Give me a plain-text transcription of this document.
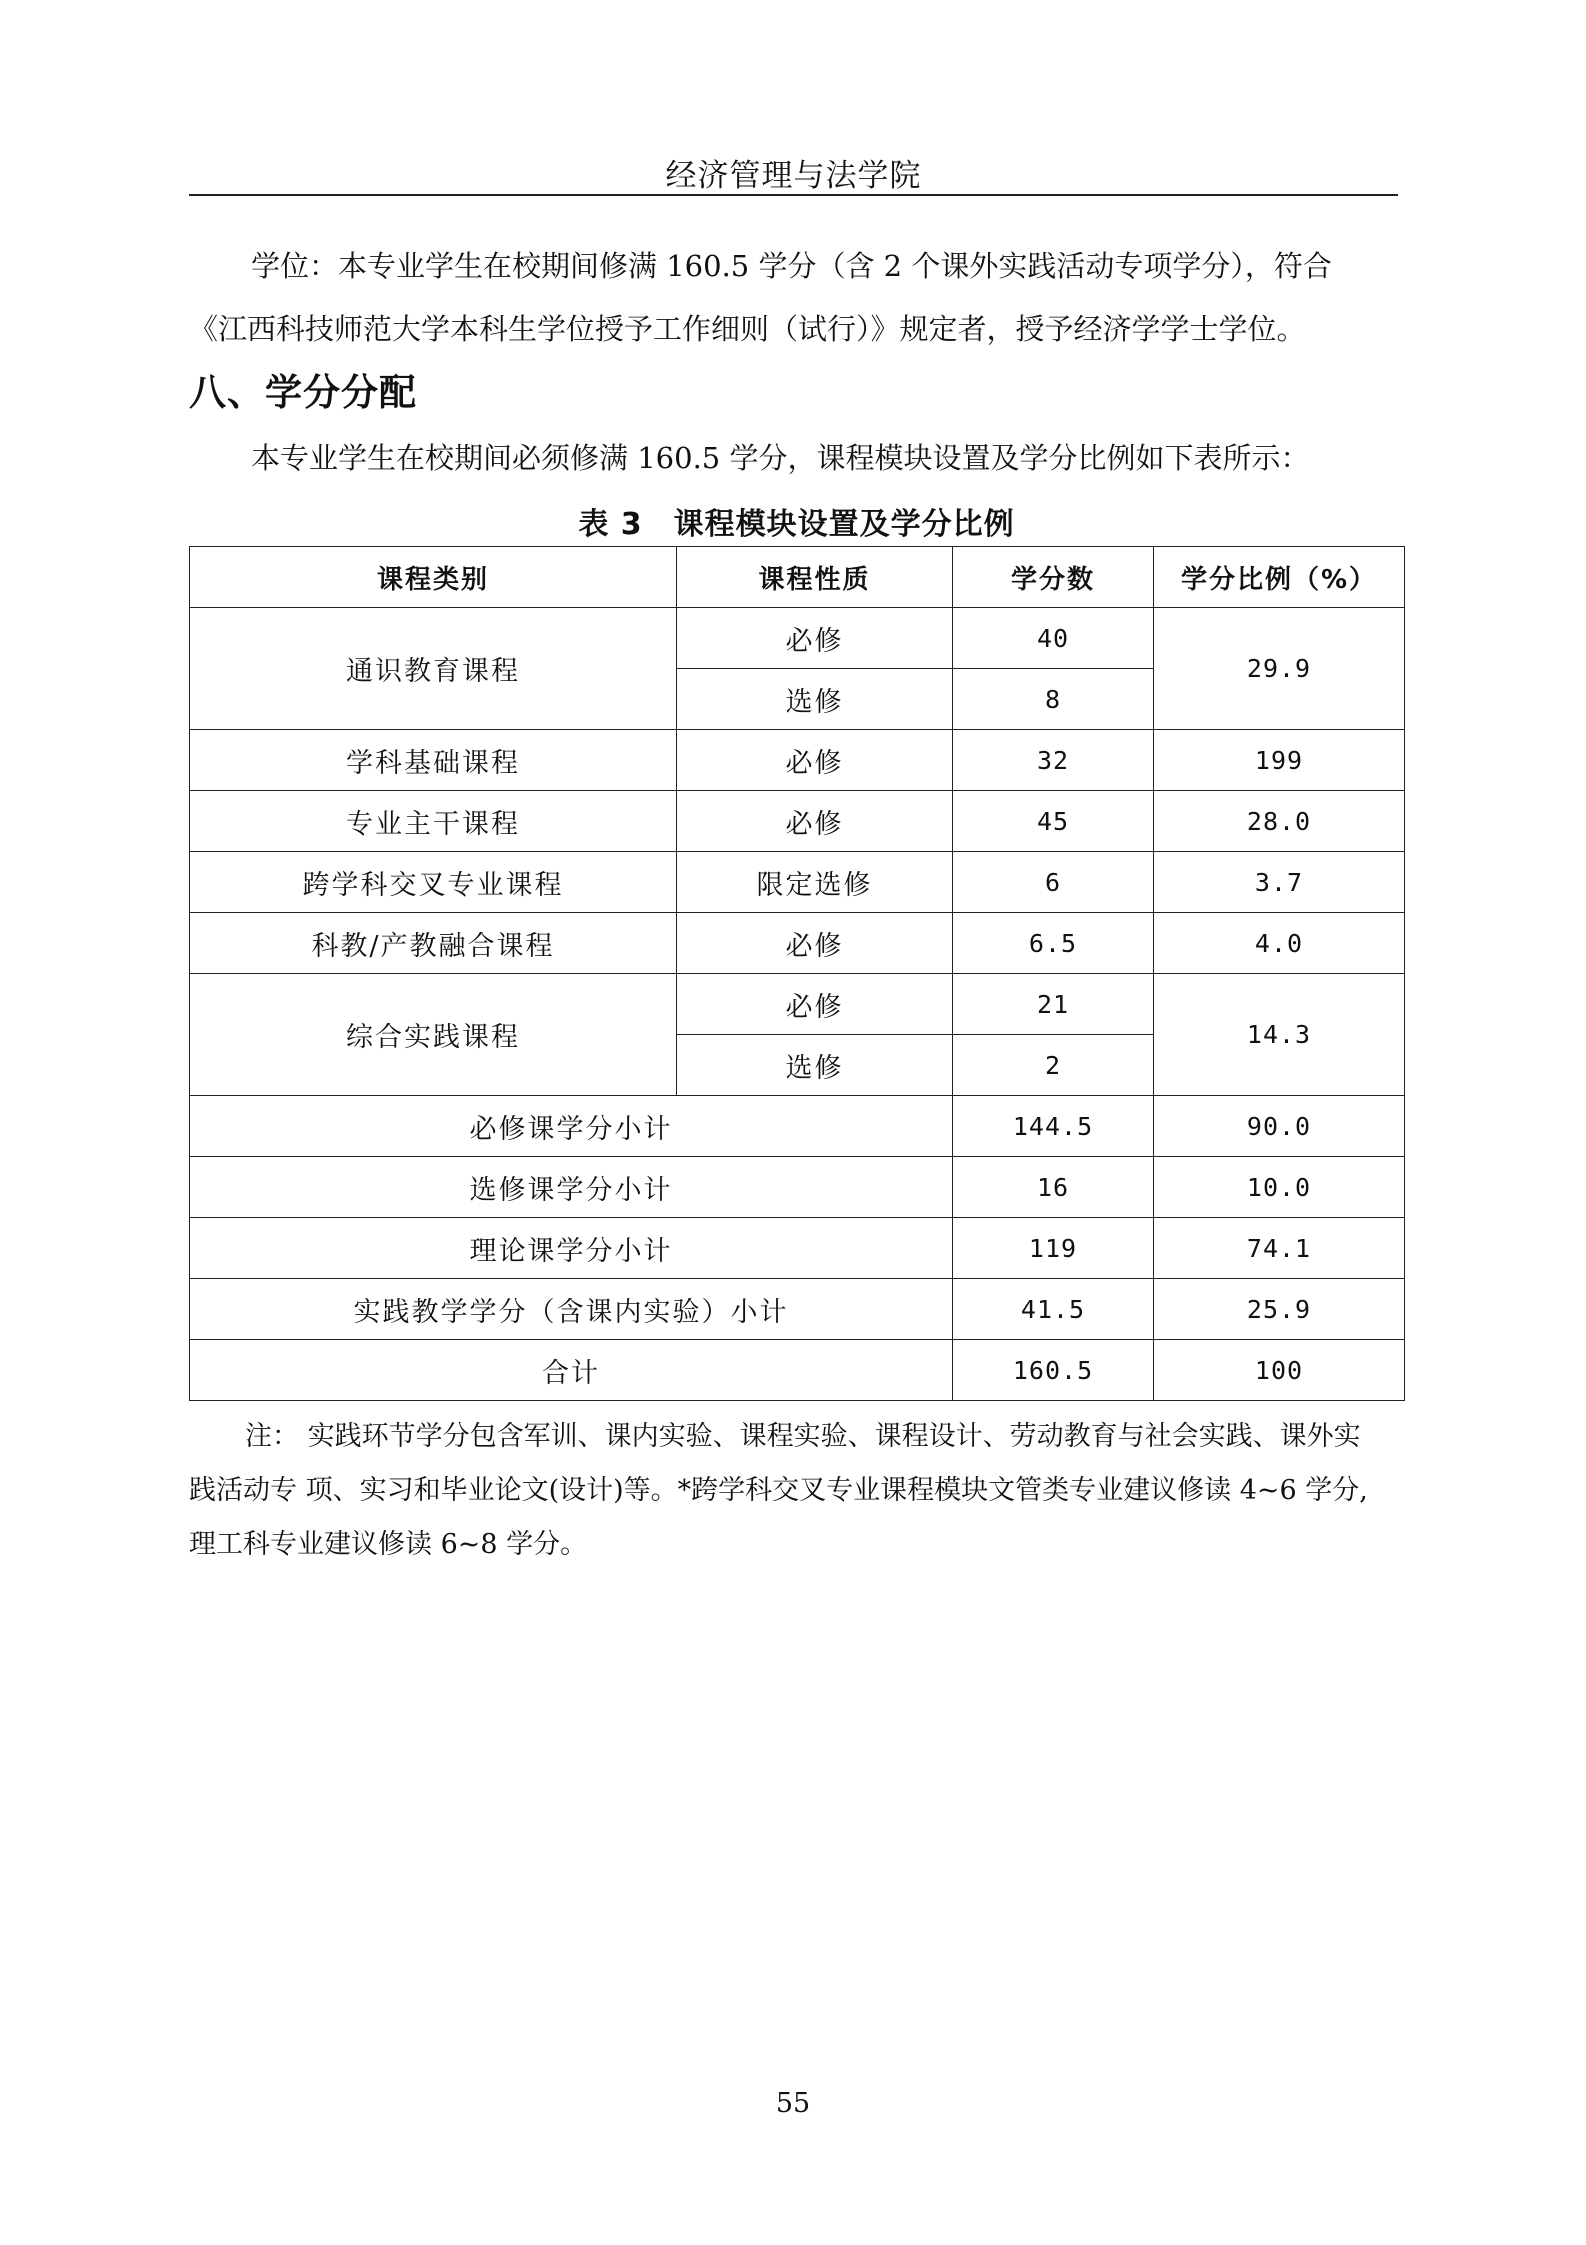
经济管理与法学院

学位：本专业学生在校期间修满 160.5 学分（含 2 个课外实践活动专项学分），符合
《江西科技师范大学本科生学位授予工作细则（试行）》规定者，授予经济学学士学位。

八、学分分配

本专业学生在校期间必须修满 160.5 学分，课程模块设置及学分比例如下表所示：

表 3　课程模块设置及学分比例
课程类别	课程性质	学分数	学分比例（%）
通识教育课程	必修	40	29.9
	选修	8	
学科基础课程	必修	32	199
专业主干课程	必修	45	28.0
跨学科交叉专业课程	限定选修	6	3.7
科教/产教融合课程	必修	6.5	4.0
综合实践课程	必修	21	14.3
	选修	2	
必修课学分小计		144.5	90.0
选修课学分小计		16	10.0
理论课学分小计		119	74.1
实践教学学分（含课内实验）小计		41.5	25.9
合计		160.5	100
注： 实践环节学分包含军训、课内实验、课程实验、课程设计、劳动教育与社会实践、课外实
践活动专 项、实习和毕业论文(设计)等。*跨学科交叉专业课程模块文管类专业建议修读 4~6 学分,
理工科专业建议修读 6~8 学分。
55
